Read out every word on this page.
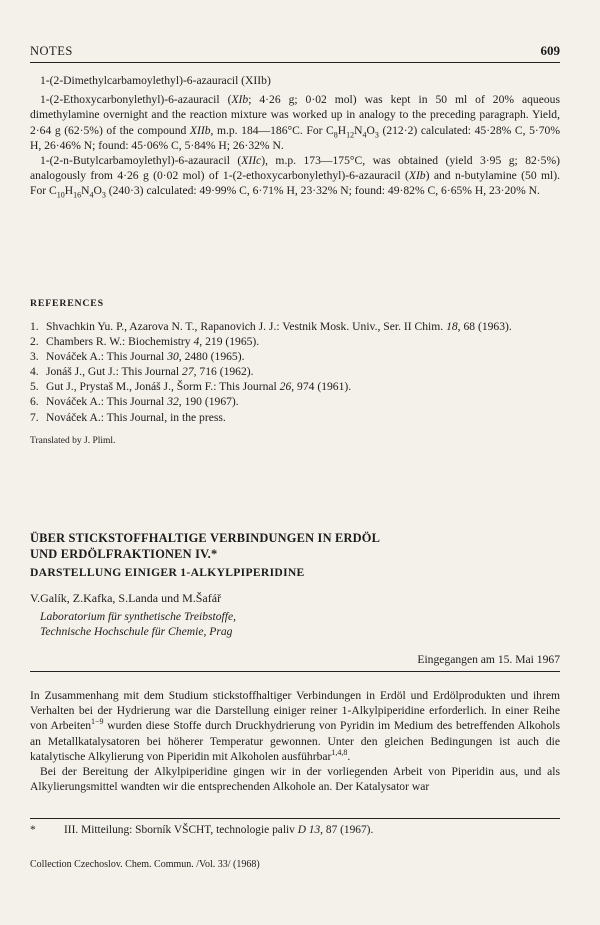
NOTES	609

1-(2-Dimethylcarbamoylethyl)-6-azauracil (XIIb)

1-(2-Ethoxycarbonylethyl)-6-azauracil (XIb; 4·26 g; 0·02 mol) was kept in 50 ml of 20% aqueous dimethylamine overnight and the reaction mixture was worked up in analogy to the preceding paragraph. Yield, 2·64 g (62·5%) of the compound XIIb, m.p. 184—186°C. For $C_8H_{12}N_4O_3$ (212·2) calculated: 45·28% C, 5·70% H, 26·46% N; found: 45·06% C, 5·84% H; 26·32% N.

1-(2-n-Butylcarbamoylethyl)-6-azauracil (XIIc), m.p. 173—175°C, was obtained (yield 3·95 g; 82·5%) analogously from 4·26 g (0·02 mol) of 1-(2-ethoxycarbonylethyl)-6-azauracil (XIb) and n-butylamine (50 ml). For $C_{10}H_{16}N_4O_3$ (240·3) calculated: 49·99% C, 6·71% H, 23·32% N; found: 49·82% C, 6·65% H, 23·20% N.

REFERENCES

1. Shvachkin Yu. P., Azarova N. T., Rapanovich J. J.: Vestnik Mosk. Univ., Ser. II Chim. 18, 68 (1963).
2. Chambers R. W.: Biochemistry 4, 219 (1965).
3. Nováček A.: This Journal 30, 2480 (1965).
4. Jonáš J., Gut J.: This Journal 27, 716 (1962).
5. Gut J., Prystaš M., Jonáš J., Šorm F.: This Journal 26, 974 (1961).
6. Nováček A.: This Journal 32, 190 (1967).
7. Nováček A.: This Journal, in the press.

Translated by J. Pliml.

ÜBER STICKSTOFFHALTIGE VERBINDUNGEN IN ERDÖL

UND ERDÖLFRAKTIONEN IV.*

DARSTELLUNG EINIGER 1-ALKYLPIPERIDINE

V.Galík, Z.Kafka, S.Landa und M.Šafář

Laboratorium für synthetische Treibstoffe,

Technische Hochschule für Chemie, Prag

Eingegangen am 15. Mai 1967

In Zusammenhang mit dem Studium stickstoffhaltiger Verbindungen in Erdöl und Erdölprodukten und ihrem Verhalten bei der Hydrierung war die Darstellung einiger reiner 1-Alkylpiperidine erforderlich. In einer Reihe von Arbeiten$^{1-9}$ wurden diese Stoffe durch Druckhydrierung von Pyridin im Medium des betreffenden Alkohols an Metallkatalysatoren bei höherer Temperatur gewonnen. Unter den gleichen Bedingungen ist auch die katalytische Alkylierung von Piperidin mit Alkoholen ausführbar$^{1,4,8}$.

Bei der Bereitung der Alkylpiperidine gingen wir in der vorliegenden Arbeit von Piperidin aus, und als Alkylierungsmittel wandten wir die entsprechenden Alkohole an. Der Katalysator war

* III. Mitteilung: Sborník VŠCHT, technologie paliv D 13, 87 (1967).
Collection Czechoslov. Chem. Commun. /Vol. 33/ (1968)
